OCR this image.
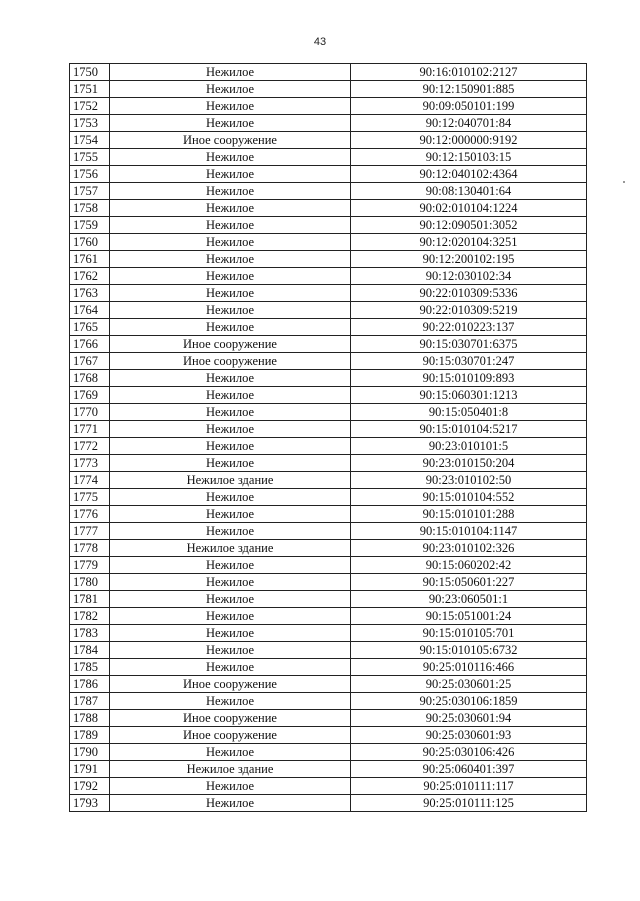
43
1750	Нежилое	90:16:010102:2127
1751	Нежилое	90:12:150901:885
1752	Нежилое	90:09:050101:199
1753	Нежилое	90:12:040701:84
1754	Иное сооружение	90:12:000000:9192
1755	Нежилое	90:12:150103:15
1756	Нежилое	90:12:040102:4364
1757	Нежилое	90:08:130401:64
1758	Нежилое	90:02:010104:1224
1759	Нежилое	90:12:090501:3052
1760	Нежилое	90:12:020104:3251
1761	Нежилое	90:12:200102:195
1762	Нежилое	90:12:030102:34
1763	Нежилое	90:22:010309:5336
1764	Нежилое	90:22:010309:5219
1765	Нежилое	90:22:010223:137
1766	Иное сооружение	90:15:030701:6375
1767	Иное сооружение	90:15:030701:247
1768	Нежилое	90:15:010109:893
1769	Нежилое	90:15:060301:1213
1770	Нежилое	90:15:050401:8
1771	Нежилое	90:15:010104:5217
1772	Нежилое	90:23:010101:5
1773	Нежилое	90:23:010150:204
1774	Нежилое здание	90:23:010102:50
1775	Нежилое	90:15:010104:552
1776	Нежилое	90:15:010101:288
1777	Нежилое	90:15:010104:1147
1778	Нежилое здание	90:23:010102:326
1779	Нежилое	90:15:060202:42
1780	Нежилое	90:15:050601:227
1781	Нежилое	90:23:060501:1
1782	Нежилое	90:15:051001:24
1783	Нежилое	90:15:010105:701
1784	Нежилое	90:15:010105:6732
1785	Нежилое	90:25:010116:466
1786	Иное сооружение	90:25:030601:25
1787	Нежилое	90:25:030106:1859
1788	Иное сооружение	90:25:030601:94
1789	Иное сооружение	90:25:030601:93
1790	Нежилое	90:25:030106:426
1791	Нежилое здание	90:25:060401:397
1792	Нежилое	90:25:010111:117
1793	Нежилое	90:25:010111:125
